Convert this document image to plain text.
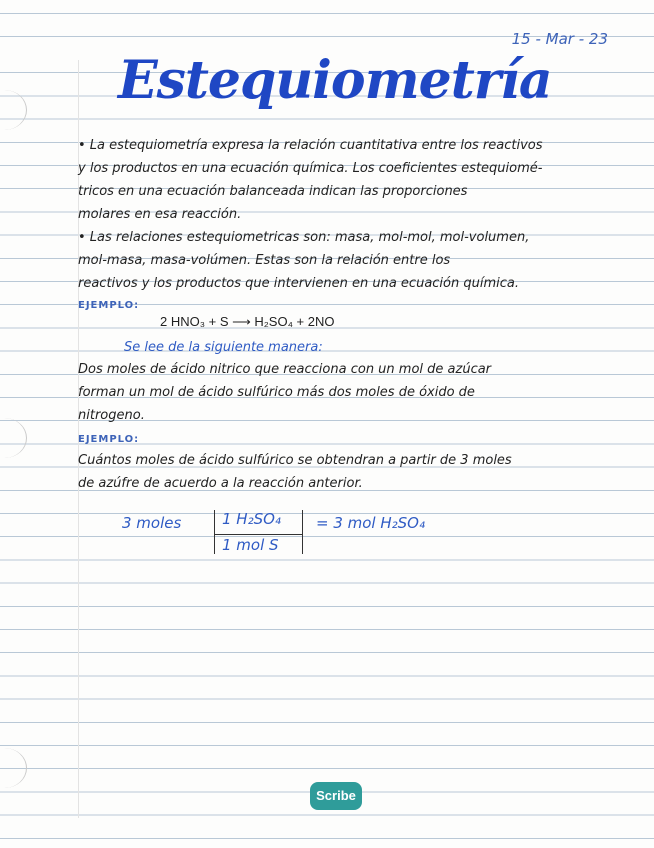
15 - Mar - 23
Estequiometría
• La estequiometría expresa la relación cuantitativa entre los reactivos
y los productos en una ecuación química. Los coeficientes estequiomé-
tricos en una ecuación balanceada indican las proporciones
molares en esa reacción.
• Las relaciones estequiometricas son: masa, mol-mol, mol-volumen,
mol-masa, masa-volúmen. Estas son la relación entre los
reactivos y los productos que intervienen en una ecuación química.
EJEMPLO:
2 HNO₃ + S ⟶ H₂SO₄ + 2NO
Se lee de la siguiente manera:
Dos moles de ácido nitrico que reacciona con un mol de azúcar
forman un mol de ácido sulfúrico más dos moles de óxido de
nitrogeno.
EJEMPLO:
Cuántos moles de ácido sulfúrico se obtendran a partir de 3 moles
de azúfre de acuerdo a la reacción anterior.
3 moles	1 H₂SO₄
1 mol S
= 3 mol H₂SO₄
Scribe
